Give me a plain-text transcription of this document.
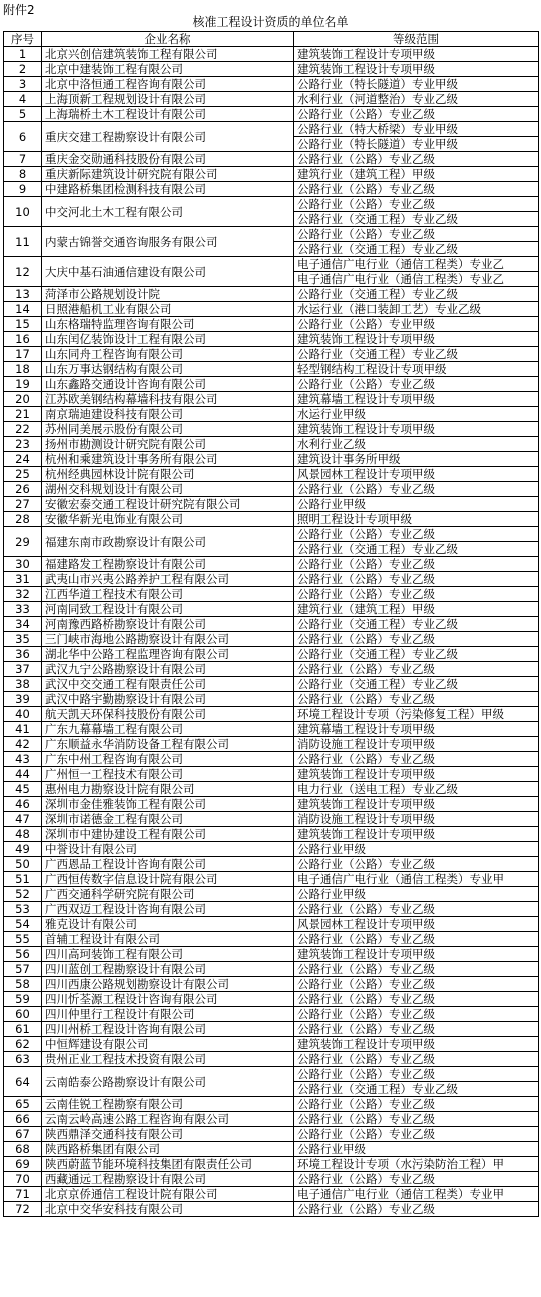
附件2
核准工程设计资质的单位名单
序号	企业名称	等级范围
1	北京兴创信建筑装饰工程有限公司	建筑装饰工程设计专项甲级
2	北京中建装饰工程有限公司	建筑装饰工程设计专项甲级
3	北京中洛恒通工程咨询有限公司	公路行业（特长隧道）专业甲级
4	上海顶新工程规划设计有限公司	水利行业（河道整治）专业乙级
5	上海瑞桥土木工程设计有限公司	公路行业（公路）专业乙级
6	重庆交建工程勘察设计有限公司	公路行业（特大桥梁）专业甲级
		公路行业（特长隧道）专业甲级
7	重庆金交勋通科技股份有限公司	公路行业（公路）专业乙级
8	重庆新际建筑设计研究院有限公司	建筑行业（建筑工程）甲级
9	中建路桥集团检测科技有限公司	公路行业（公路）专业乙级
10	中交河北土木工程有限公司	公路行业（公路）专业乙级
		公路行业（交通工程）专业乙级
11	内蒙古锦誉交通咨询服务有限公司	公路行业（公路）专业乙级
		公路行业（交通工程）专业乙级
12	大庆中基石油通信建设有限公司	电子通信广电行业（通信工程类）专业乙
		电子通信广电行业（通信工程类）专业乙
13	菏泽市公路规划设计院	公路行业（交通工程）专业乙级
14	日照港船机工业有限公司	水运行业（港口装卸工艺）专业乙级
15	山东格瑞特监理咨询有限公司	公路行业（公路）专业甲级
16	山东闰亿装饰设计工程有限公司	建筑装饰工程设计专项甲级
17	山东同舟工程咨询有限公司	公路行业（交通工程）专业乙级
18	山东万事达钢结构有限公司	轻型钢结构工程设计专项甲级
19	山东鑫路交通设计咨询有限公司	公路行业（公路）专业乙级
20	江苏欧美钢结构幕墙科技有限公司	建筑幕墙工程设计专项甲级
21	南京瑞迪建设科技有限公司	水运行业甲级
22	苏州同美展示股份有限公司	建筑装饰工程设计专项甲级
23	扬州市勘测设计研究院有限公司	水利行业乙级
24	杭州和乘建筑设计事务所有限公司	建筑设计事务所甲级
25	杭州经典园林设计院有限公司	风景园林工程设计专项甲级
26	湖州交科规划设计有限公司	公路行业（公路）专业乙级
27	安徽宏泰交通工程设计研究院有限公司	公路行业甲级
28	安徽华新光电饰业有限公司	照明工程设计专项甲级
29	福建东南市政勘察设计有限公司	公路行业（公路）专业乙级
		公路行业（交通工程）专业乙级
30	福建路发工程勘察设计有限公司	公路行业（公路）专业乙级
31	武夷山市兴夷公路养护工程有限公司	公路行业（公路）专业乙级
32	江西华道工程技术有限公司	公路行业（公路）专业乙级
33	河南同致工程设计有限公司	建筑行业（建筑工程）甲级
34	河南豫西路桥勘察设计有限公司	公路行业（交通工程）专业乙级
35	三门峡市海地公路勘察设计有限公司	公路行业（公路）专业乙级
36	湖北华中公路工程监理咨询有限公司	公路行业（交通工程）专业乙级
37	武汉九宁公路勘察设计有限公司	公路行业（公路）专业乙级
38	武汉中交交通工程有限责任公司	公路行业（交通工程）专业乙级
39	武汉中路宇勤勘察设计有限公司	公路行业（公路）专业乙级
40	航天凯天环保科技股份有限公司	环境工程设计专项（污染修复工程）甲级
41	广东九幕幕墙工程有限公司	建筑幕墙工程设计专项甲级
42	广东顺益永华消防设备工程有限公司	消防设施工程设计专项甲级
43	广东中州工程咨询有限公司	公路行业（公路）专业乙级
44	广州恒一工程技术有限公司	建筑装饰工程设计专项甲级
45	惠州电力勘察设计院有限公司	电力行业（送电工程）专业乙级
46	深圳市金佳雅装饰工程有限公司	建筑装饰工程设计专项甲级
47	深圳市诺德金工程有限公司	消防设施工程设计专项甲级
48	深圳市中建协建设工程有限公司	建筑装饰工程设计专项甲级
49	中誉设计有限公司	公路行业甲级
50	广西恩品工程设计咨询有限公司	公路行业（公路）专业乙级
51	广西恒传数字信息设计院有限公司	电子通信广电行业（通信工程类）专业甲
52	广西交通科学研究院有限公司	公路行业甲级
53	广西双迈工程设计咨询有限公司	公路行业（公路）专业乙级
54	雅克设计有限公司	风景园林工程设计专项甲级
55	首辅工程设计有限公司	公路行业（公路）专业乙级
56	四川高珂装饰工程有限公司	建筑装饰工程设计专项甲级
57	四川蓝创工程勘察设计有限公司	公路行业（公路）专业乙级
58	四川西康公路规划勘察设计有限公司	公路行业（公路）专业乙级
59	四川忻荃源工程设计咨询有限公司	公路行业（公路）专业乙级
60	四川仲里行工程设计有限公司	公路行业（公路）专业乙级
61	四川州桥工程设计咨询有限公司	公路行业（公路）专业乙级
62	中恒辉建设有限公司	建筑装饰工程设计专项甲级
63	贵州正业工程技术投资有限公司	公路行业（公路）专业乙级
64	云南皓泰公路勘察设计有限公司	公路行业（公路）专业乙级
		公路行业（交通工程）专业乙级
65	云南佳锐工程勘察有限公司	公路行业（公路）专业乙级
66	云南云岭高速公路工程咨询有限公司	公路行业（公路）专业乙级
67	陕西鼎泽交通科技有限公司	公路行业（公路）专业乙级
68	陕西路桥集团有限公司	公路行业甲级
69	陕西蔚蓝节能环境科技集团有限责任公司	环境工程设计专项（水污染防治工程）甲
70	西藏通远工程勘察设计有限公司	公路行业（公路）专业乙级
71	北京京侨通信工程设计院有限公司	电子通信广电行业（通信工程类）专业甲
72	北京中交华安科技有限公司	公路行业（公路）专业乙级
